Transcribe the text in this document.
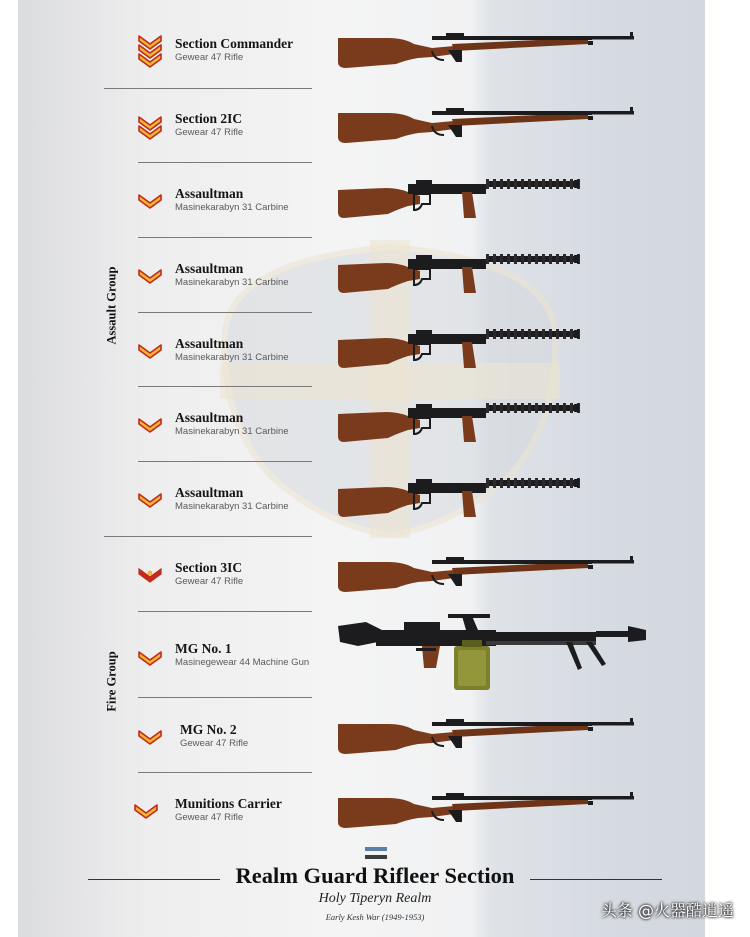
Section Commander
Gewear 47 Rifle
Section 2IC
Gewear 47 Rifle
Assaultman
Masinekarabyn 31 Carbine
Assaultman
Masinekarabyn 31 Carbine
Assaultman
Masinekarabyn 31 Carbine
Assaultman
Masinekarabyn 31 Carbine
Assaultman
Masinekarabyn 31 Carbine
Section 3IC
Gewear 47 Rifle
MG No. 1
Masinegewear 44 Machine Gun
MG No. 2
Gewear 47 Rifle
Munitions Carrier
Gewear 47 Rifle
Assault Group
Fire Group
Realm Guard Rifleer Section
Holy Tiperyn Realm
Early Kesh War (1949-1953)	头条 @火器酷逍遥
